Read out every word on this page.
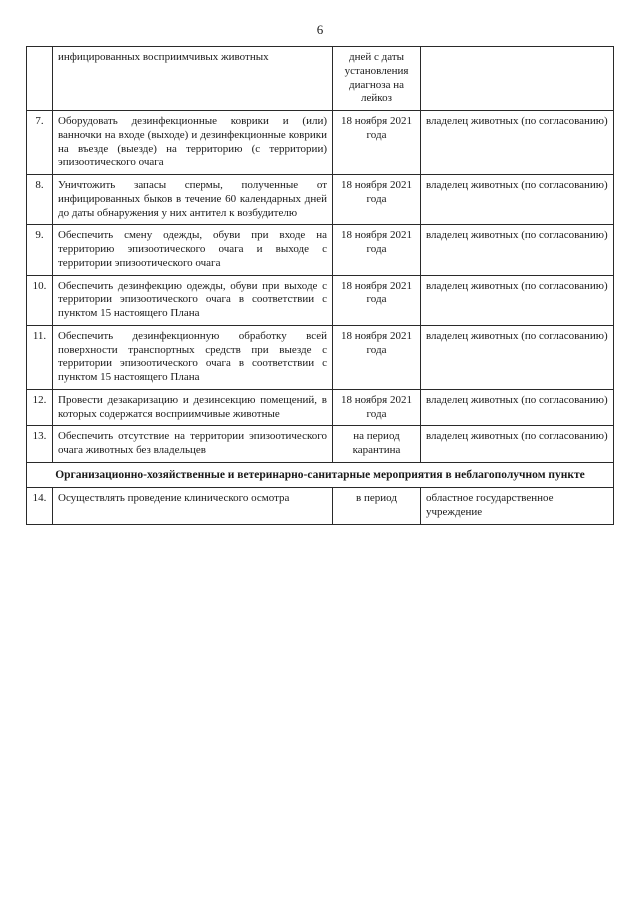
6
	инфицированных восприимчивых животных	дней с даты установления диагноза на лейкоз	
7.	Оборудовать дезинфекционные коврики и (или) ванночки на входе (выходе) и дезинфекционные коврики на въезде (выезде) на территорию (с территории) эпизоотического очага	18 ноября 2021 года	владелец животных (по согласованию)
8.	Уничтожить запасы спермы, полученные от инфицированных быков в течение 60 календарных дней до даты обнаружения у них антител к возбудителю	18 ноября 2021 года	владелец животных (по согласованию)
9.	Обеспечить смену одежды, обуви при входе на территорию эпизоотического очага и выходе с территории эпизоотического очага	18 ноября 2021 года	владелец животных (по согласованию)
10.	Обеспечить дезинфекцию одежды, обуви при выходе с территории эпизоотического очага в соответствии с пунктом 15 настоящего Плана	18 ноября 2021 года	владелец животных (по согласованию)
11.	Обеспечить дезинфекционную обработку всей поверхности транспортных средств при выезде с территории эпизоотического очага в соответствии с пунктом 15 настоящего Плана	18 ноября 2021 года	владелец животных (по согласованию)
12.	Провести дезакаризацию и дезинсекцию помещений, в которых содержатся восприимчивые животные	18 ноября 2021 года	владелец животных (по согласованию)
13.	Обеспечить отсутствие на территории эпизоотического очага животных без владельцев	на период карантина	владелец животных (по согласованию)
Организационно-хозяйственные и ветеринарно-санитарные мероприятия в неблагополучном пункте			
14.	Осуществлять проведение клинического осмотра	в период	областное государственное учреждение
